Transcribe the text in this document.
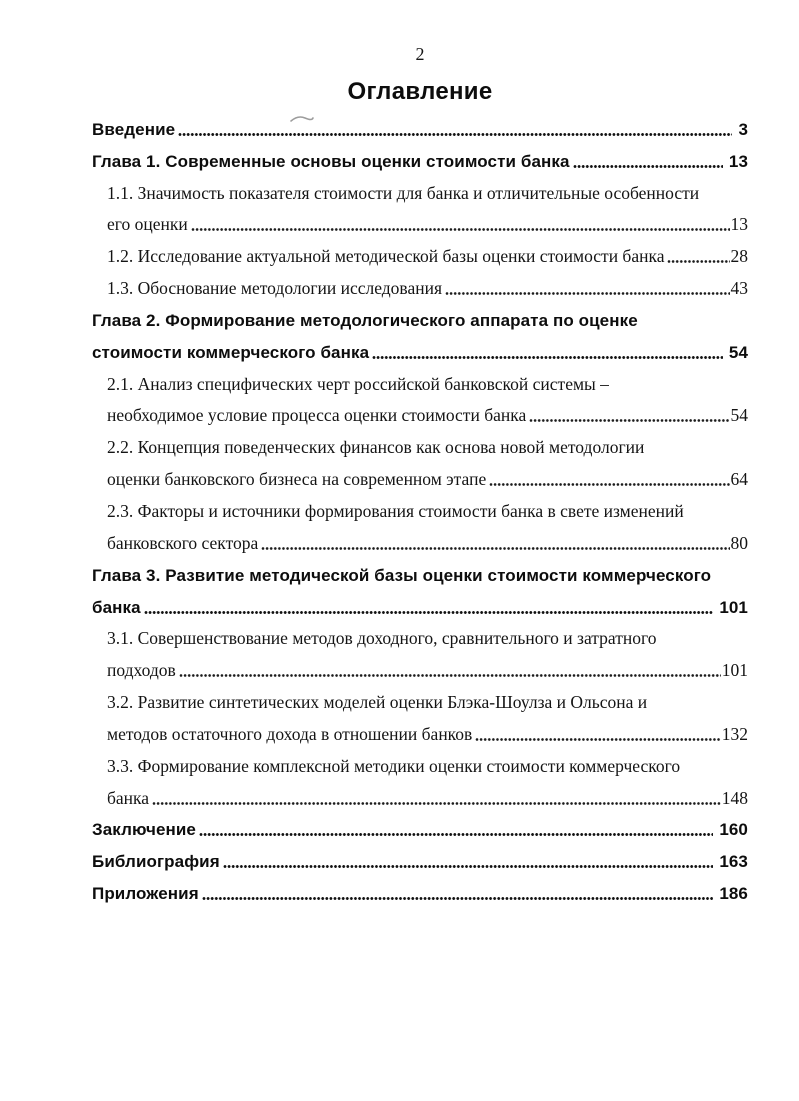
2
Оглавление
Введение	3
Глава 1. Современные основы оценки стоимости банка	13
1.1. Значимость показателя стоимости для банка и отличительные особенности
его оценки	13
1.2. Исследование актуальной методической базы оценки стоимости банка	28
1.3. Обоснование методологии исследования	43
Глава 2. Формирование методологического аппарата по оценке
стоимости коммерческого банка	54
2.1. Анализ специфических черт российской банковской системы –
необходимое условие процесса оценки стоимости банка	54
2.2. Концепция поведенческих финансов как основа новой методологии
оценки банковского бизнеса на современном этапе	64
2.3. Факторы и источники формирования стоимости банка в свете изменений
банковского сектора	80
Глава 3. Развитие методической базы оценки стоимости коммерческого
банка	101
3.1. Совершенствование методов доходного, сравнительного и затратного
подходов	101
3.2. Развитие синтетических моделей оценки Блэка-Шоулза и Ольсона и
методов остаточного дохода в отношении банков	132
3.3. Формирование комплексной методики оценки стоимости коммерческого
банка	148
Заключение	160
Библиография	163
Приложения	186
